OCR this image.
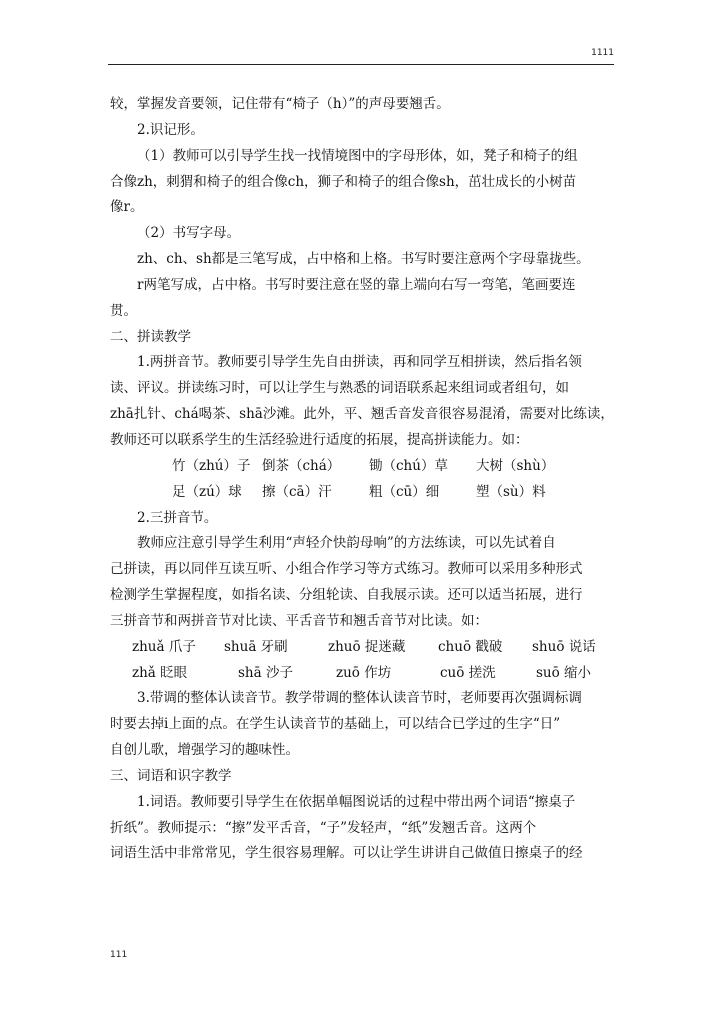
1111
较，掌握发音要领，记住带有“椅子（h）”的声母要翘舌。
2.识记形。
（1）教师可以引导学生找一找情境图中的字母形体，如，凳子和椅子的组
合像zh，刺猬和椅子的组合像ch，狮子和椅子的组合像sh，茁壮成长的小树苗
像r。
（2）书写字母。
zh、ch、sh都是三笔写成，占中格和上格。书写时要注意两个字母靠拢些。
r两笔写成，占中格。书写时要注意在竖的靠上端向右写一弯笔，笔画要连
贯。
二、拼读教学
1.两拼音节。教师要引导学生先自由拼读，再和同学互相拼读，然后指名领
读、评议。拼读练习时，可以让学生与熟悉的词语联系起来组词或者组句，如
zhā扎针、chá喝茶、shā沙滩。此外，平、翘舌音发音很容易混淆，需要对比练读，
教师还可以联系学生的生活经验进行适度的拓展，提高拼读能力。如：
竹（zhú）子 倒茶（chá） 锄（chú）草 大树（shù）
足（zú）球 擦（cā）汗	粗（cū）细	塑（sù）料
2.三拼音节。
教师应注意引导学生利用“声轻介快韵母响”的方法练读，可以先试着自
己拼读，再以同伴互读互听、小组合作学习等方式练习。教师可以采用多种形式
检测学生掌握程度，如指名读、分组轮读、自我展示读。还可以适当拓展，进行
三拼音节和两拼音节对比读、平舌音节和翘舌音节对比读。如：
zhuǎ 爪子 shuā 牙刷	zhuō 捉迷藏 chuō 戳破 shuō 说话
zhǎ 眨眼	shā 沙子	zuō 作坊	cuō 搓洗	suō 缩小
3.带调的整体认读音节。教学带调的整体认读音节时，老师要再次强调标调
时要去掉i上面的点。在学生认读音节的基础上，可以结合已学过的生字“日”
自创儿歌，增强学习的趣味性。
三、词语和识字教学
1.词语。教师要引导学生在依据单幅图说话的过程中带出两个词语“擦桌子
折纸”。教师提示：“擦”发平舌音，“子”发轻声，“纸”发翘舌音。这两个
词语生活中非常常见，学生很容易理解。可以让学生讲讲自己做值日擦桌子的经
111
